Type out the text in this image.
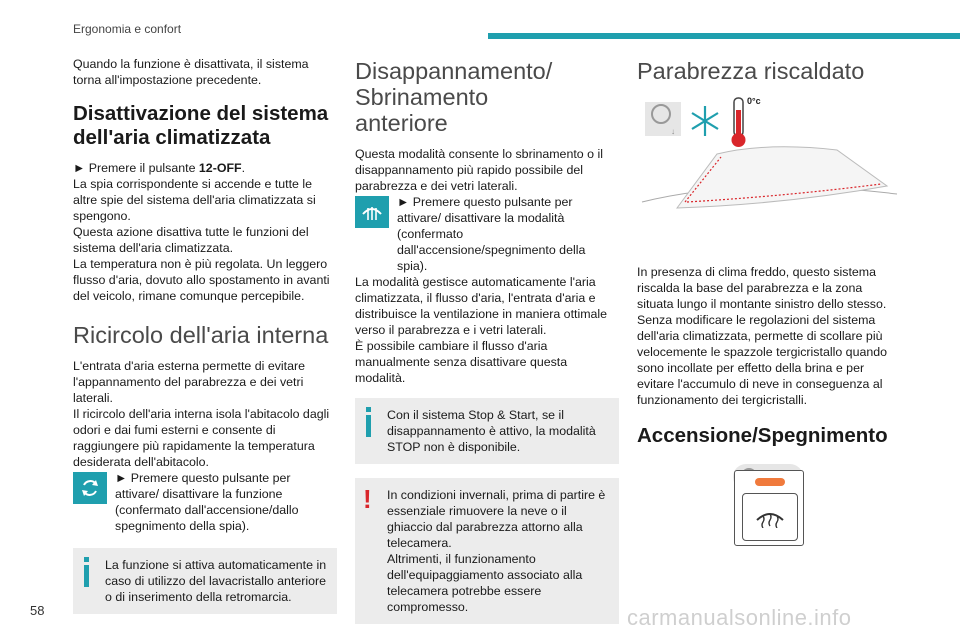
Ergonomia e confort

Quando la funzione è disattivata, il sistema torna all'impostazione precedente.

Disattivazione del sistema dell'aria climatizzata

► Premere il pulsante 12-OFF.

La spia corrispondente si accende e tutte le altre spie del sistema dell'aria climatizzata si spengono.
Questa azione disattiva tutte le funzioni del sistema dell'aria climatizzata.
La temperatura non è più regolata. Un leggero flusso d'aria, dovuto allo spostamento in avanti del veicolo, rimane comunque percepibile.

Ricircolo dell'aria interna

L'entrata d'aria esterna permette di evitare l'appannamento del parabrezza e dei vetri laterali.
Il ricircolo dell'aria interna isola l'abitacolo dagli odori e dai fumi esterni e consente di raggiungere più rapidamente la temperatura desiderata dell'abitacolo.

► Premere questo pulsante per attivare/ disattivare la funzione (confermato dall'accensione/dallo spegnimento della spia).

La funzione si attiva automaticamente in caso di utilizzo del lavacristallo anteriore o di inserimento della retromarcia.

Disappannamento/ Sbrinamento anteriore

Questa modalità consente lo sbrinamento o il disappannamento più rapido possibile del parabrezza e dei vetri laterali.

► Premere questo pulsante per attivare/ disattivare la modalità (confermato dall'accensione/spegnimento della spia).

La modalità gestisce automaticamente l'aria climatizzata, il flusso d'aria, l'entrata d'aria e distribuisce la ventilazione in maniera ottimale verso il parabrezza e i vetri laterali.
È possibile cambiare il flusso d'aria manualmente senza disattivare questa modalità.

Con il sistema Stop & Start, se il disappannamento è attivo, la modalità STOP non è disponibile.

!	In condizioni invernali, prima di partire è essenziale rimuovere la neve o il ghiaccio dal parabrezza attorno alla telecamera.
Altrimenti, il funzionamento dell'equipaggiamento associato alla telecamera potrebbe essere compromesso.

Parabrezza riscaldato
↓
0°c

In presenza di clima freddo, questo sistema riscalda la base del parabrezza e la zona situata lungo il montante sinistro dello stesso.
Senza modificare le regolazioni del sistema dell'aria climatizzata, permette di scollare più velocemente le spazzole tergicristallo quando sono incollate per effetto della brina e per evitare l'accumulo di neve in conseguenza al funzionamento dei tergicristalli.

Accensione/Spegnimento
58	carmanualsonline.info
